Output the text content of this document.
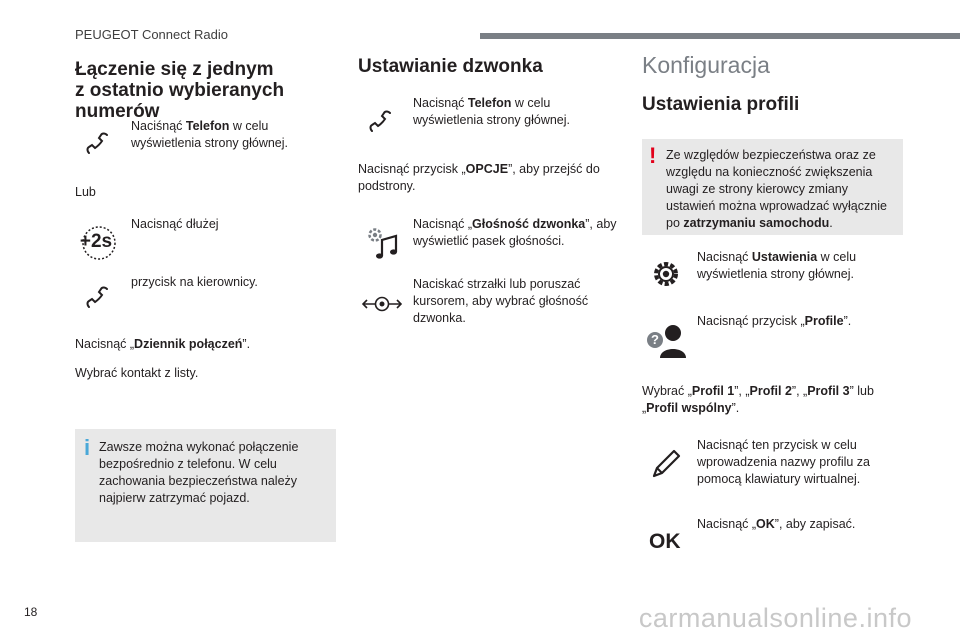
PEUGEOT Connect Radio
Łączenie się z jednym
z ostatnio wybieranych
numerów
Naciśnąć Telefon w celu wyświetlenia strony głównej.
Lub
+2s
Nacisnąć dłużej
przycisk na kierownicy.
Nacisnąć „Dziennik połączeń”.
Wybrać kontakt z listy.
i Zawsze można wykonać połączenie bezpośrednio z telefonu. W celu zachowania bezpieczeństwa należy najpierw zatrzymać pojazd.
Ustawianie dzwonka
Nacisnąć Telefon w celu wyświetlenia strony głównej.
Nacisnąć przycisk „OPCJE”, aby przejść do podstrony.
Nacisnąć „Głośność dzwonka”, aby wyświetlić pasek głośności.
Naciskać strzałki lub poruszać kursorem, aby wybrać głośność dzwonka.
Konfiguracja
Ustawienia profili
! Ze względów bezpieczeństwa oraz ze względu na konieczność zwiększenia uwagi ze strony kierowcy zmiany ustawień można wprowadzać wyłącznie po zatrzymaniu samochodu.
Nacisnąć Ustawienia w celu wyświetlenia strony głównej.
?
Nacisnąć przycisk „Profile”.
Wybrać „Profil 1”, „Profil 2”, „Profil 3” lub „Profil wspólny”.
Nacisnąć ten przycisk w celu wprowadzenia nazwy profilu za pomocą klawiatury wirtualnej.
OK
Nacisnąć „OK”, aby zapisać.
18	carmanualsonline.info
